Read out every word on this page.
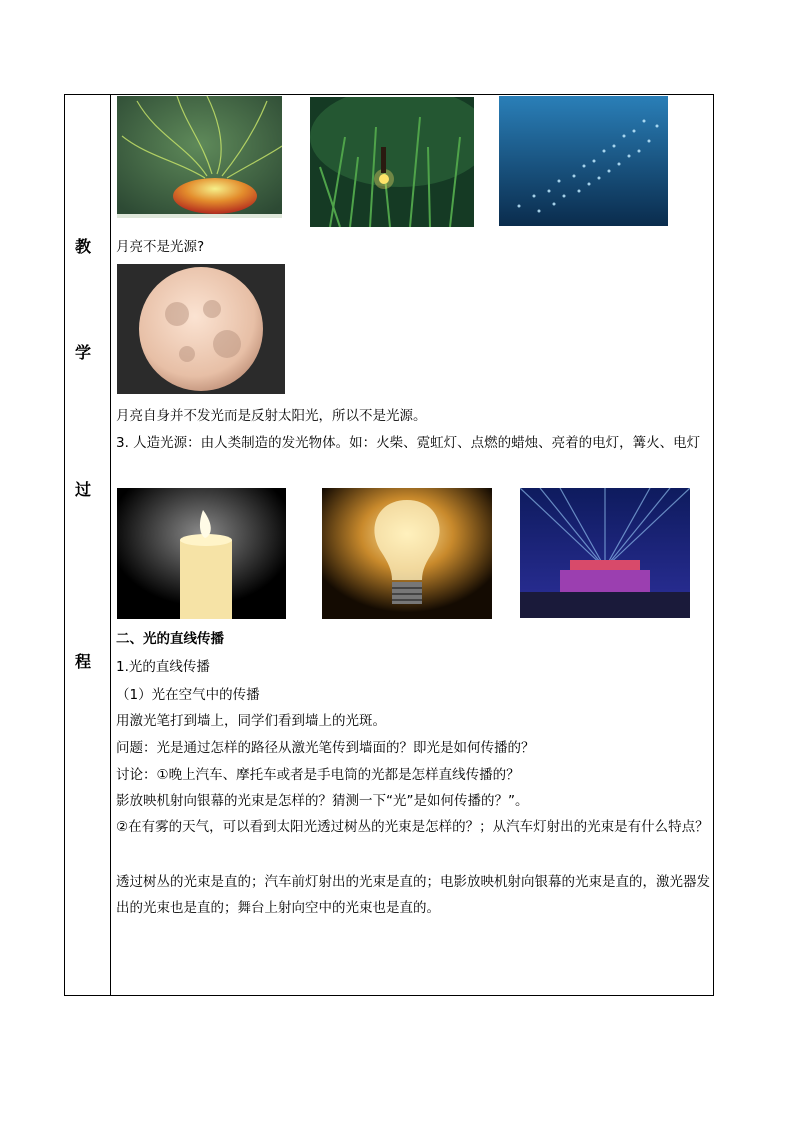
教
学
过
程
月亮不是光源?
月亮自身并不发光而是反射太阳光，所以不是光源。
3. 人造光源：由人类制造的发光物体。如：火柴、霓虹灯、点燃的蜡烛、亮着的电灯，篝火、电灯
二、光的直线传播
1.光的直线传播
（1）光在空气中的传播
用激光笔打到墙上，同学们看到墙上的光斑。
问题：光是通过怎样的路径从激光笔传到墙面的？即光是如何传播的？
讨论：①晚上汽车、摩托车或者是手电筒的光都是怎样直线传播的？
影放映机射向银幕的光束是怎样的？猜测一下“光”是如何传播的？”。
②在有雾的天气，可以看到太阳光透过树丛的光束是怎样的？；从汽车灯射出的光束是有什么特点？
透过树丛的光束是直的；汽车前灯射出的光束是直的；电影放映机射向银幕的光束是直的，激光器发出的光束也是直的；舞台上射向空中的光束也是直的。
